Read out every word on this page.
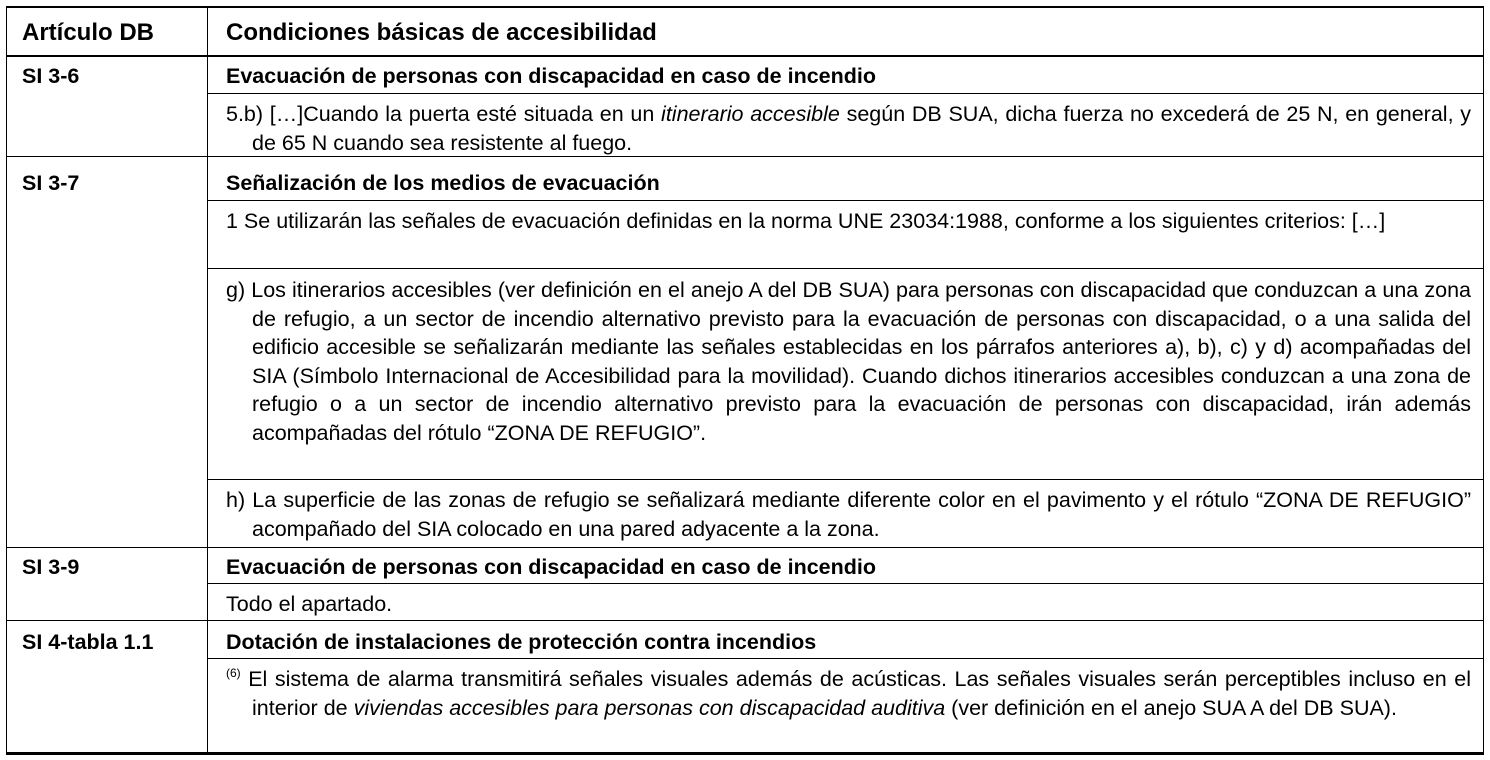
Artículo DB	Condiciones básicas de accesibilidad
SI 3-6	Evacuación de personas con discapacidad en caso de incendio
5.b) […]Cuando la puerta esté situada en un itinerario accesible según DB SUA, dicha fuerza no excederá de 25 N, en general, y de 65 N cuando sea resistente al fuego.
SI 3-7	Señalización de los medios de evacuación
1 Se utilizarán las señales de evacuación definidas en la norma UNE 23034:1988, conforme a los siguientes criterios: […]
g) Los itinerarios accesibles (ver definición en el anejo A del DB SUA) para personas con discapacidad que conduzcan a una zona de refugio, a un sector de incendio alternativo previsto para la evacuación de personas con discapacidad, o a una salida del edificio accesible se señalizarán mediante las señales establecidas en los párrafos anteriores a), b), c) y d) acompañadas del SIA (Símbolo Internacional de Accesibilidad para la movilidad). Cuando dichos itinerarios accesibles conduzcan a una zona de refugio o a un sector de incendio alternativo previsto para la evacuación de personas con discapacidad, irán además acompañadas del rótulo “ZONA DE REFUGIO”.
h) La superficie de las zonas de refugio se señalizará mediante diferente color en el pavimento y el rótulo “ZONA DE REFUGIO” acompañado del SIA colocado en una pared adyacente a la zona.
SI 3-9	Evacuación de personas con discapacidad en caso de incendio
Todo el apartado.
SI 4-tabla 1.1	Dotación de instalaciones de protección contra incendios
$^{(6)}$ El sistema de alarma transmitirá señales visuales además de acústicas. Las señales visuales serán perceptibles incluso en el interior de viviendas accesibles para personas con discapacidad auditiva (ver definición en el anejo SUA A del DB SUA).
